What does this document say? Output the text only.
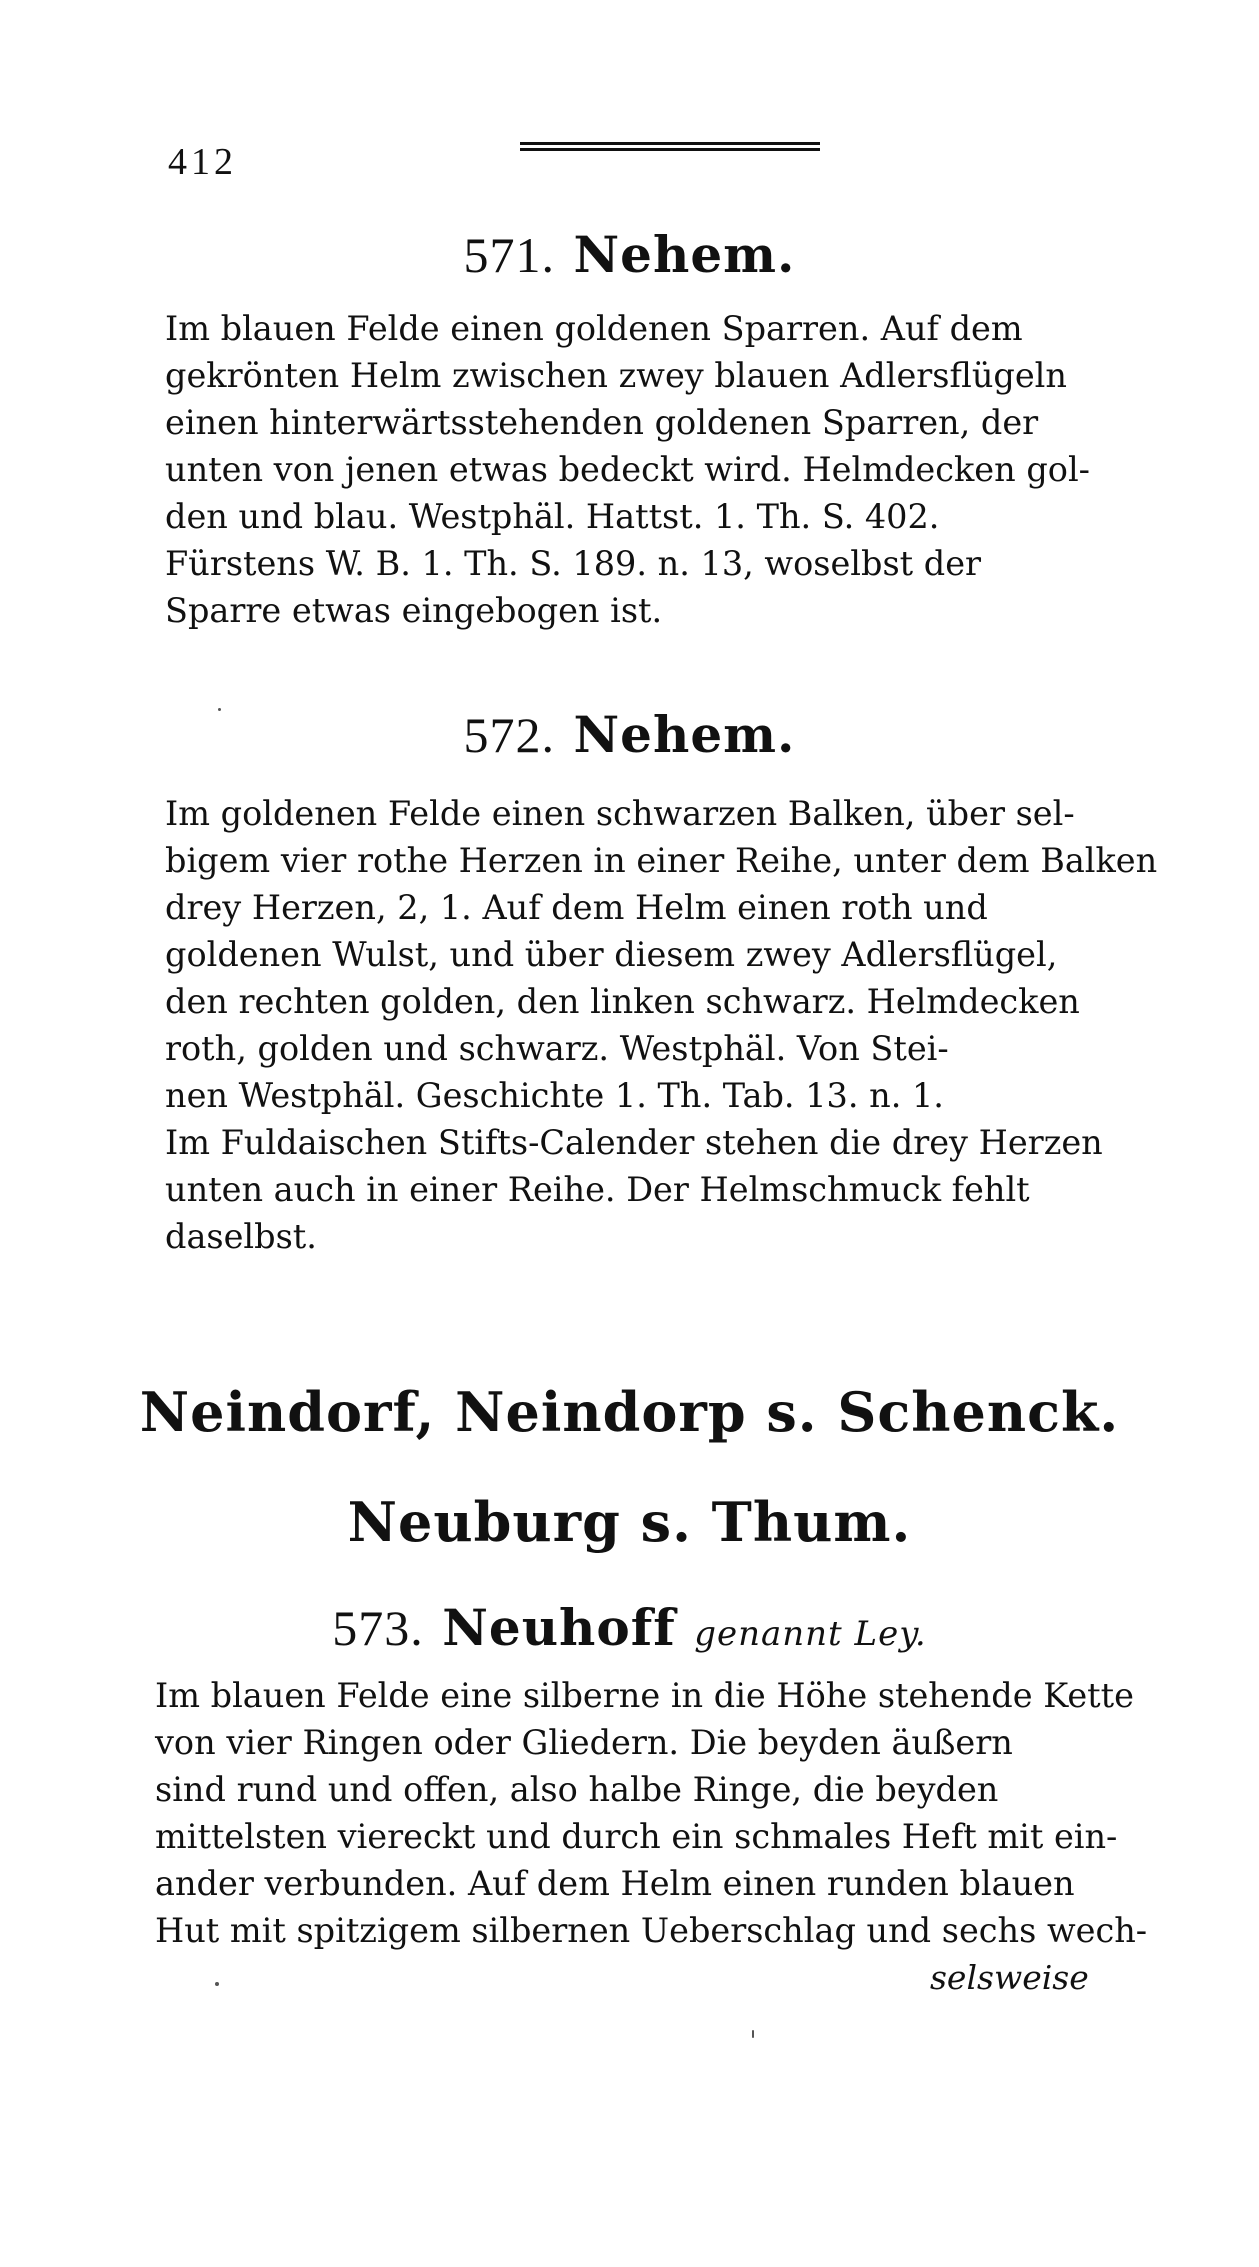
412
571. Nehem.
Im blauen Felde einen goldenen Sparren. Auf dem
gekrönten Helm zwischen zwey blauen Adlersflügeln
einen hinterwärtsstehenden goldenen Sparren, der
unten von jenen etwas bedeckt wird. Helmdecken gol-
den und blau. Westphäl. Hattst. 1. Th. S. 402.
Fürstens W. B. 1. Th. S. 189. n. 13, woselbst der
Sparre etwas eingebogen ist.
572. Nehem.
Im goldenen Felde einen schwarzen Balken, über sel-
bigem vier rothe Herzen in einer Reihe, unter dem Balken
drey Herzen, 2, 1. Auf dem Helm einen roth und
goldenen Wulst, und über diesem zwey Adlersflügel,
den rechten golden, den linken schwarz. Helmdecken
roth, golden und schwarz. Westphäl. Von Stei-
nen Westphäl. Geschichte 1. Th. Tab. 13. n. 1.
Im Fuldaischen Stifts-Calender stehen die drey Herzen
unten auch in einer Reihe. Der Helmschmuck fehlt
daselbst.
Neindorf, Neindorp s. Schenck.
Neuburg s. Thum.
573. Neuhoff genannt Ley.
Im blauen Felde eine silberne in die Höhe stehende Kette
von vier Ringen oder Gliedern. Die beyden äußern
sind rund und offen, also halbe Ringe, die beyden
mittelsten viereckt und durch ein schmales Heft mit ein-
ander verbunden. Auf dem Helm einen runden blauen
Hut mit spitzigem silbernen Ueberschlag und sechs wech-
selsweise
